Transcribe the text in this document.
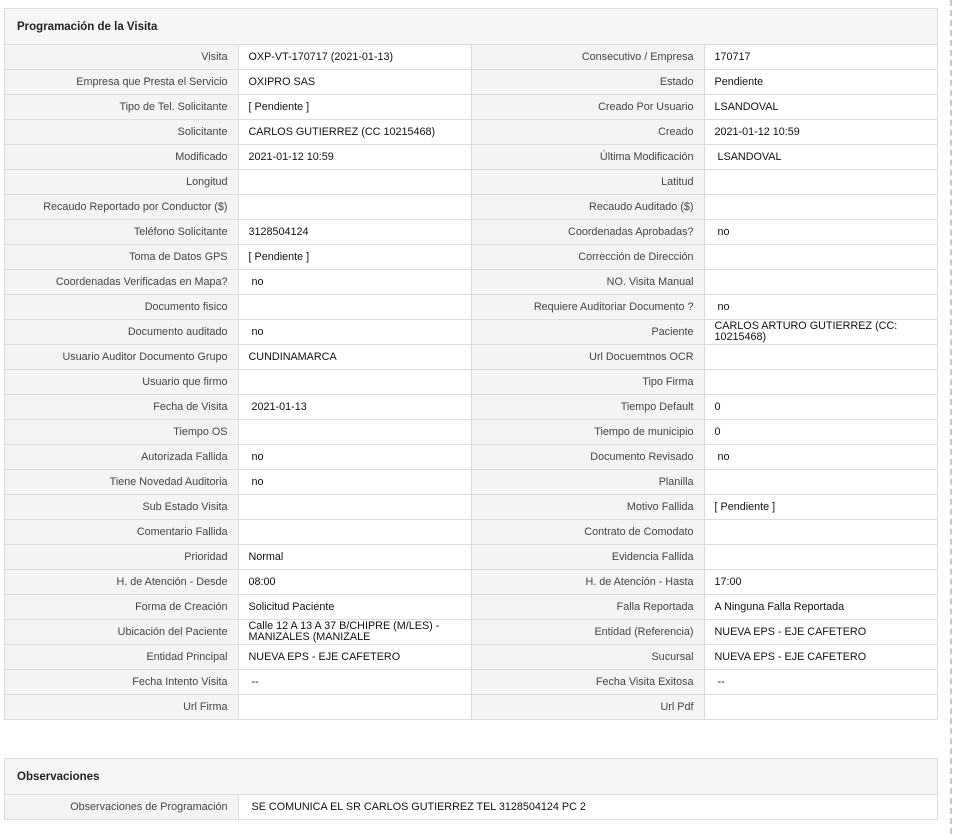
Programación de la Visita
Visita	OXP-VT-170717 (2021-01-13)	Consecutivo / Empresa	170717
Empresa que Presta el Servicio	OXIPRO SAS	Estado	Pendiente
Tipo de Tel. Solicitante	[ Pendiente ]	Creado Por Usuario	LSANDOVAL
Solicitante	CARLOS GUTIERREZ (CC 10215468)	Creado	2021-01-12 10:59
Modificado	2021-01-12 10:59	Última Modificación	LSANDOVAL
Longitud		Latitud	
Recaudo Reportado por Conductor ($)		Recaudo Auditado ($)	
Teléfono Solicitante	3128504124	Coordenadas Aprobadas?	no
Toma de Datos GPS	[ Pendiente ]	Corrección de Dirección	
Coordenadas Verificadas en Mapa?	no	NO. Visita Manual	
Documento fisico		Requiere Auditoriar Documento ?	no
Documento auditado	no	Paciente	CARLOS ARTURO GUTIERREZ (CC: 10215468)
Usuario Auditor Documento Grupo	CUNDINAMARCA	Url Docuemtnos OCR	
Usuario que firmo		Tipo Firma	
Fecha de Visita	2021-01-13	Tiempo Default	0
Tiempo OS		Tiempo de municipio	0
Autorizada Fallida	no	Documento Revisado	no
Tiene Novedad Auditoria	no	Planilla	
Sub Estado Visita		Motivo Fallida	[ Pendiente ]
Comentario Fallida		Contrato de Comodato	
Prioridad	Normal	Evidencia Fallida	
H. de Atención - Desde	08:00	H. de Atención - Hasta	17:00
Forma de Creación	Solicitud Paciente	Falla Reportada	A Ninguna Falla Reportada
Ubicación del Paciente	Calle 12 A 13 A 37 B/CHIPRE (M/LES) - MANIZALES (MANIZALE	Entidad (Referencia)	NUEVA EPS - EJE CAFETERO
Entidad Principal	NUEVA EPS - EJE CAFETERO	Sucursal	NUEVA EPS - EJE CAFETERO
Fecha Intento Visita	--	Fecha Visita Exitosa	--
Url Firma		Url Pdf	
Observaciones
Observaciones de Programación	SE COMUNICA EL SR CARLOS GUTIERREZ TEL 3128504124 PC 2
